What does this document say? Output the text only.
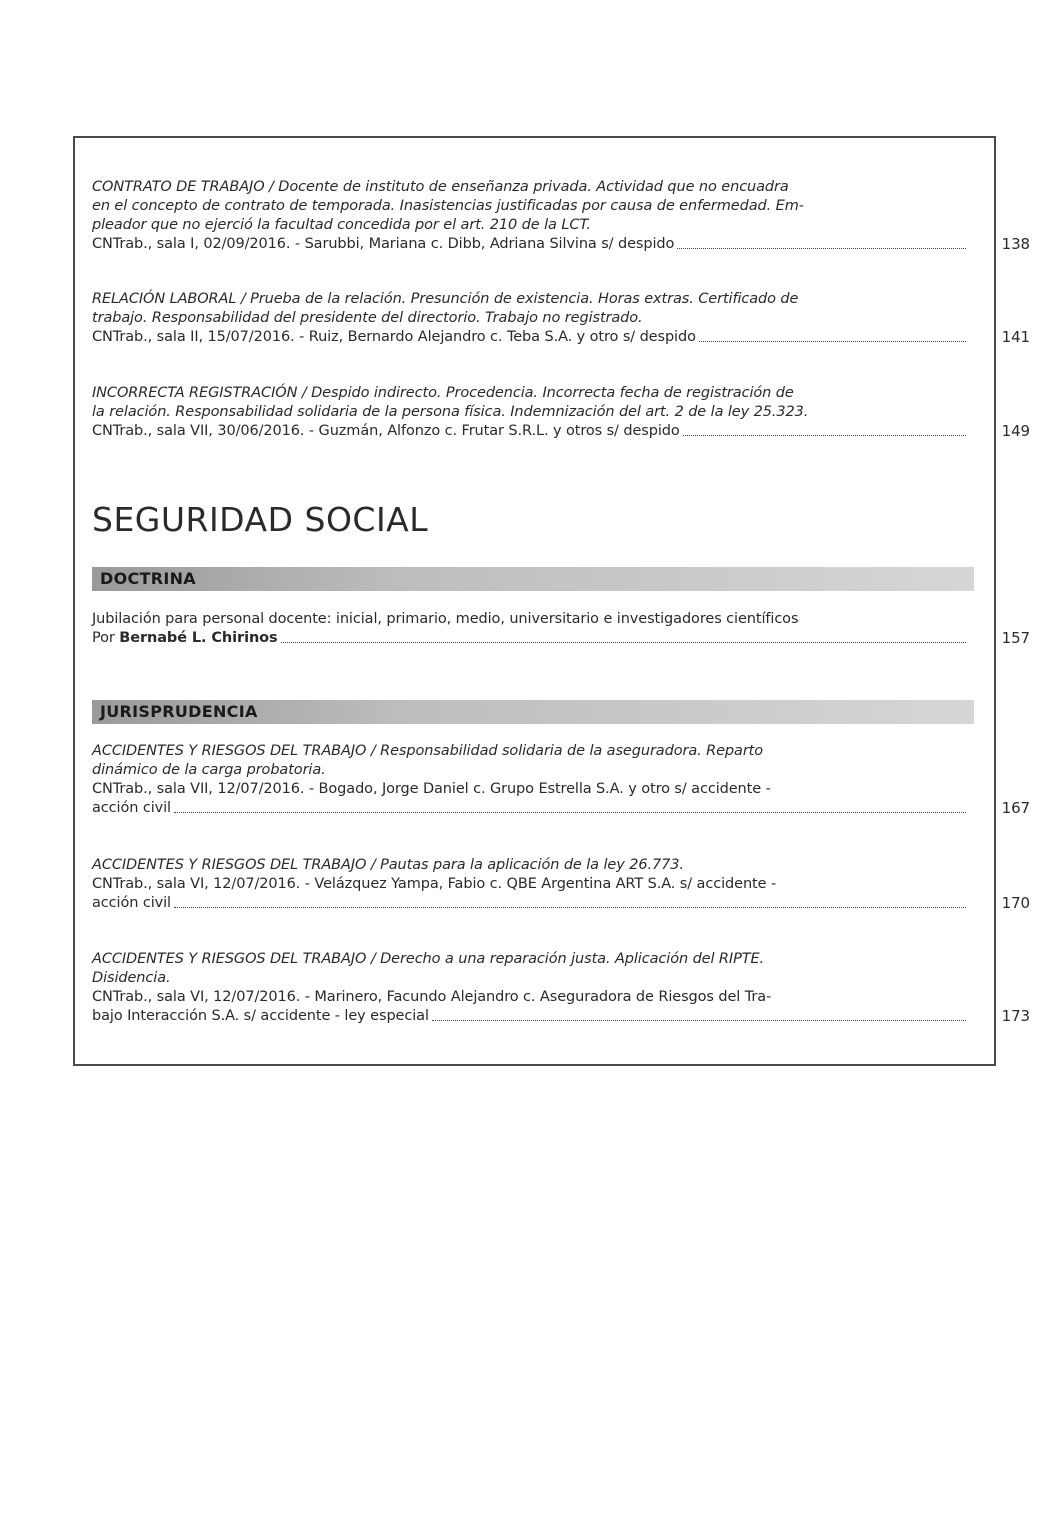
CONTRATO DE TRABAJO / Docente de instituto de enseñanza privada. Actividad que no encuadra
en el concepto de contrato de temporada. Inasistencias justificadas por causa de enfermedad. Em-
pleador que no ejerció la facultad concedida por el art. 210 de la LCT.
CNTrab., sala I, 02/09/2016. - Sarubbi, Mariana c. Dibb, Adriana Silvina s/ despido	138
RELACIÓN LABORAL / Prueba de la relación. Presunción de existencia. Horas extras. Certificado de
trabajo. Responsabilidad del presidente del directorio. Trabajo no registrado.
CNTrab., sala II, 15/07/2016. - Ruiz, Bernardo Alejandro c. Teba S.A. y otro s/ despido	141
INCORRECTA REGISTRACIÓN / Despido indirecto. Procedencia. Incorrecta fecha de registración de
la relación. Responsabilidad solidaria de la persona física. Indemnización del art. 2 de la ley 25.323.
CNTrab., sala VII, 30/06/2016. - Guzmán, Alfonzo c. Frutar S.R.L. y otros s/ despido	149
SEGURIDAD SOCIAL
DOCTRINA
Jubilación para personal docente: inicial, primario, medio, universitario e investigadores científicos
Por Bernabé L. Chirinos	157
JURISPRUDENCIA
ACCIDENTES Y RIESGOS DEL TRABAJO / Responsabilidad solidaria de la aseguradora. Reparto
dinámico de la carga probatoria.
CNTrab., sala VII, 12/07/2016. - Bogado, Jorge Daniel c. Grupo Estrella S.A. y otro s/ accidente -
acción civil	167
ACCIDENTES Y RIESGOS DEL TRABAJO / Pautas para la aplicación de la ley 26.773.
CNTrab., sala VI, 12/07/2016. - Velázquez Yampa, Fabio c. QBE Argentina ART S.A. s/ accidente -
acción civil	170
ACCIDENTES Y RIESGOS DEL TRABAJO / Derecho a una reparación justa. Aplicación del RIPTE.
Disidencia.
CNTrab., sala VI, 12/07/2016. - Marinero, Facundo Alejandro c. Aseguradora de Riesgos del Tra-
bajo Interacción S.A. s/ accidente - ley especial	173
